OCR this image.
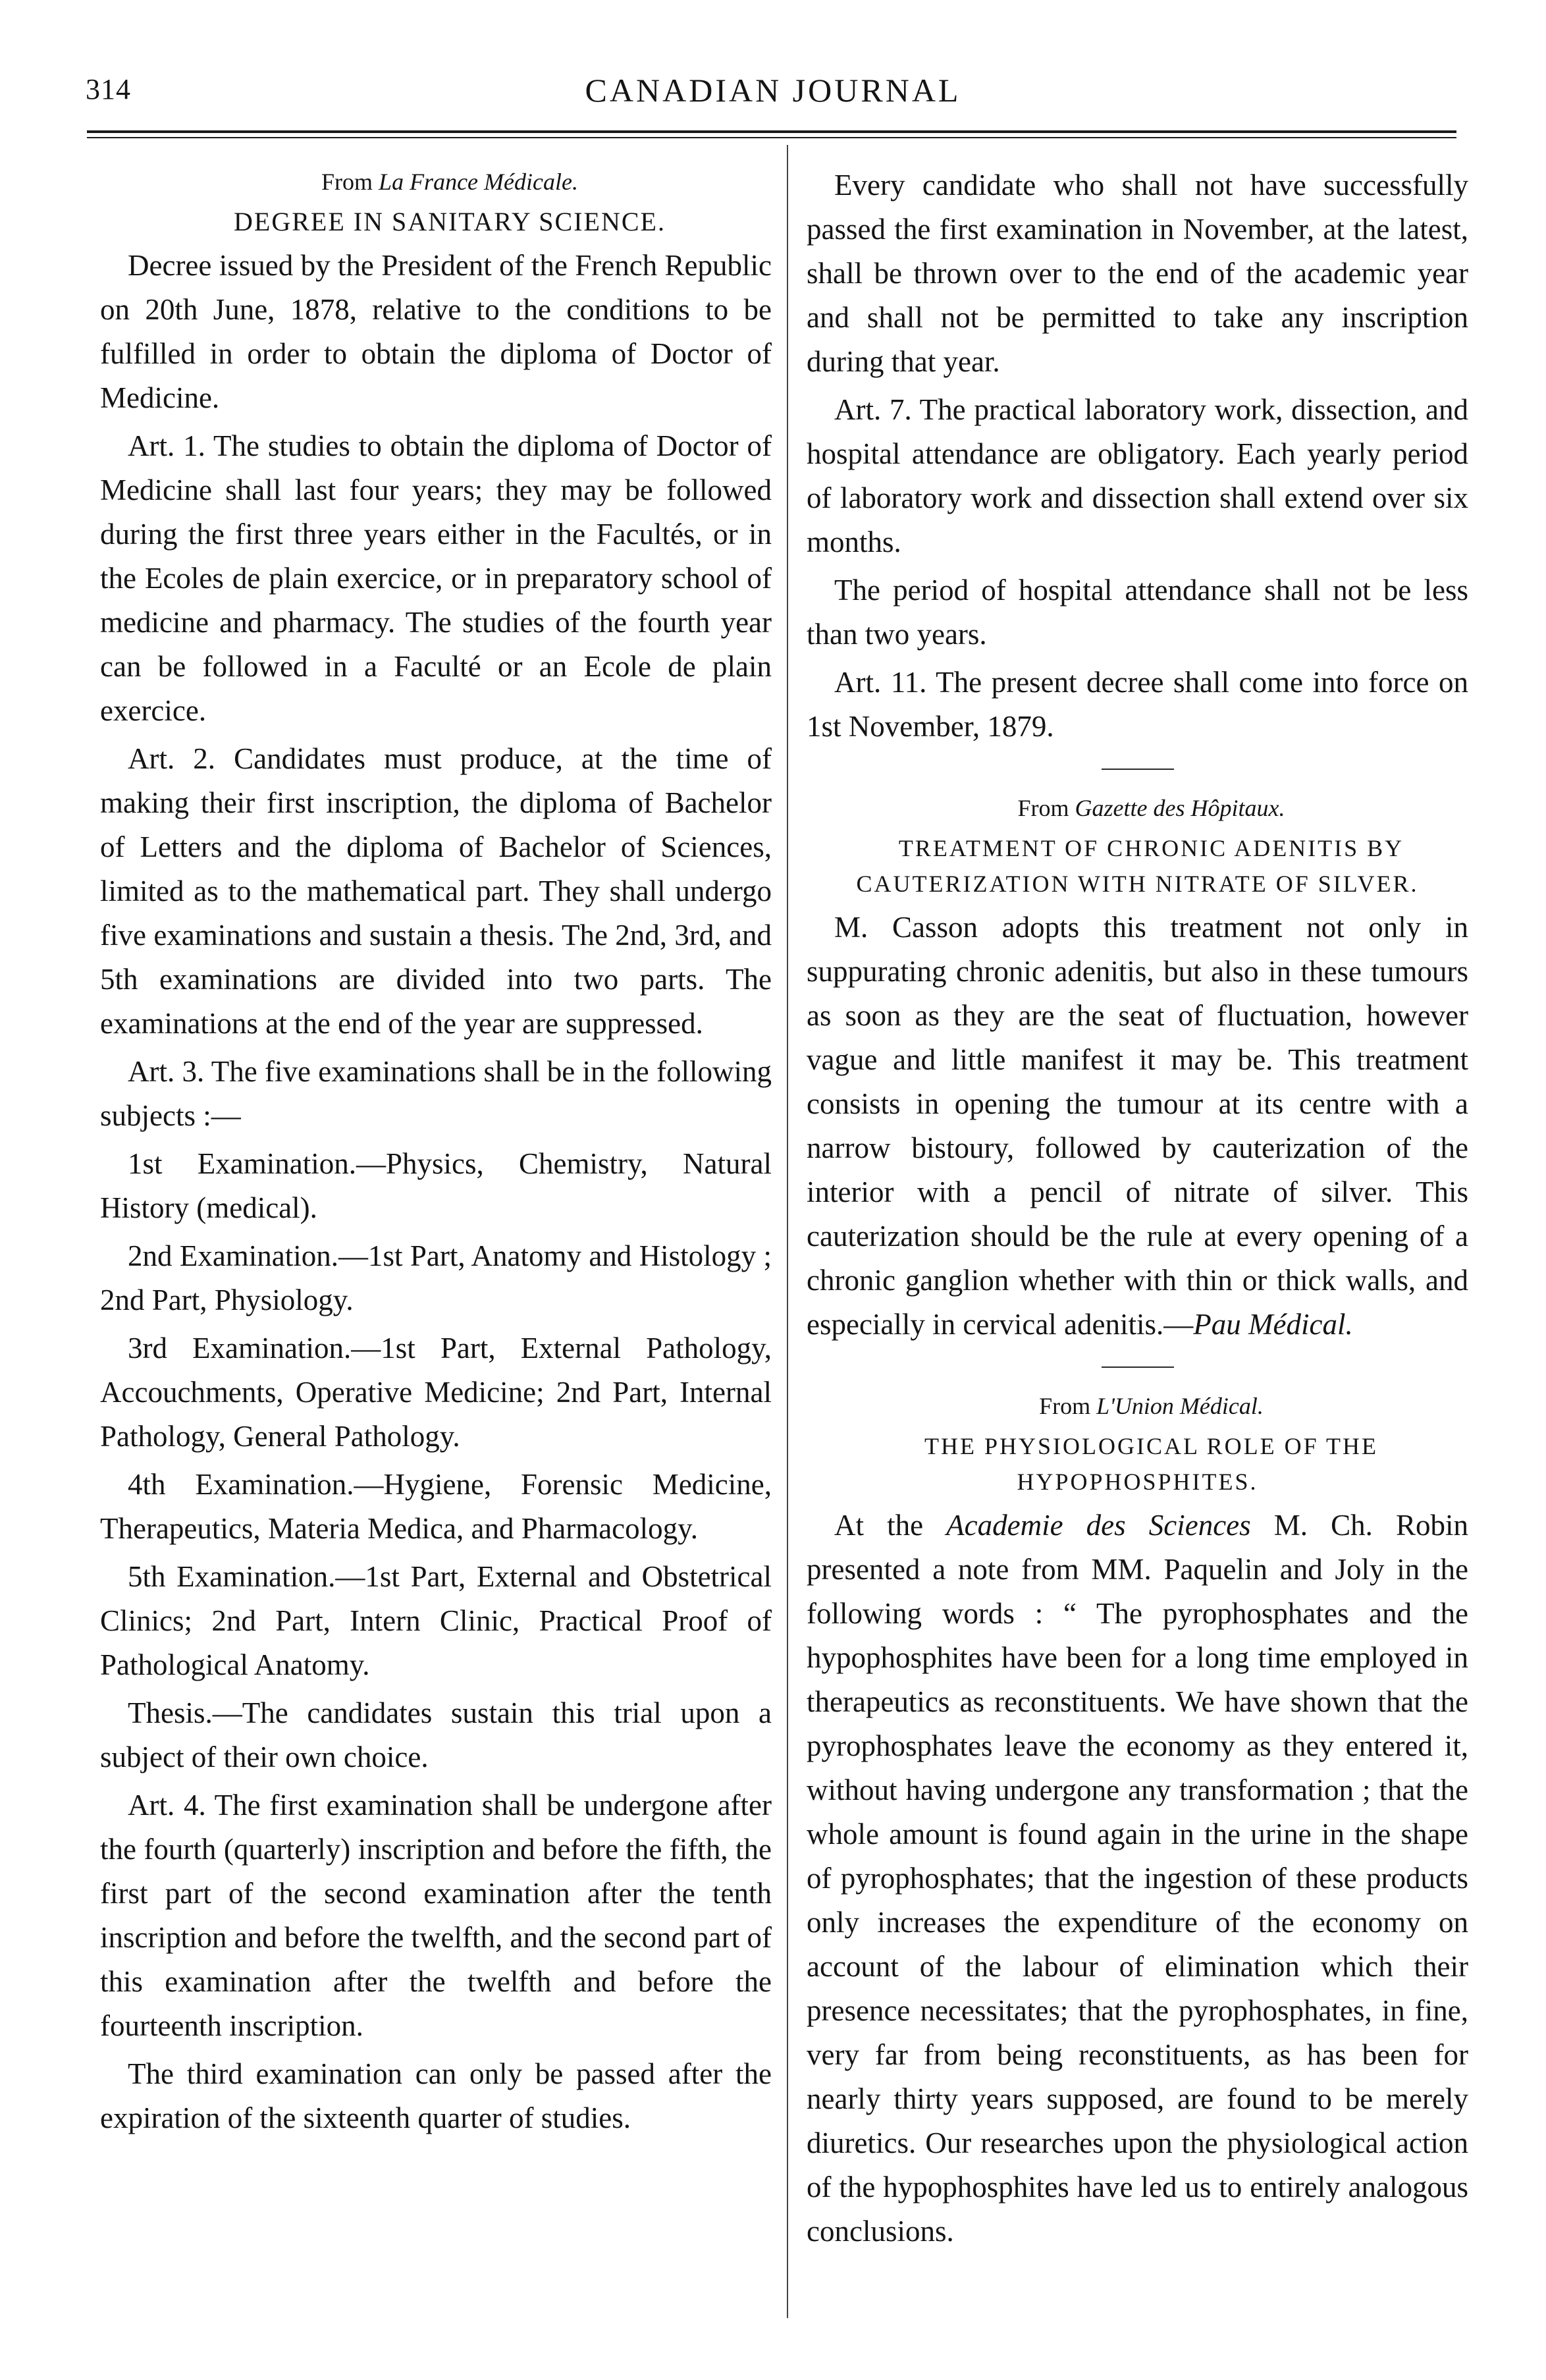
314	CANADIAN JOURNAL

From La France Médicale.

DEGREE IN SANITARY SCIENCE.

Decree issued by the President of the French Republic on 20th June, 1878, relative to the conditions to be fulfilled in order to obtain the diploma of Doctor of Medicine.

Art. 1. The studies to obtain the diploma of Doctor of Medicine shall last four years; they may be followed during the first three years either in the Facultés, or in the Ecoles de plain exercice, or in preparatory school of medicine and pharmacy. The studies of the fourth year can be followed in a Faculté or an Ecole de plain exercice.

Art. 2. Candidates must produce, at the time of making their first inscription, the diploma of Bachelor of Letters and the diploma of Bachelor of Sciences, limited as to the mathematical part. They shall undergo five examinations and sustain a thesis. The 2nd, 3rd, and 5th examinations are divided into two parts. The examinations at the end of the year are suppressed.

Art. 3. The five examinations shall be in the following subjects :—

1st Examination.—Physics, Chemistry, Natural History (medical).

2nd Examination.—1st Part, Anatomy and Histology ; 2nd Part, Physiology.

3rd Examination.—1st Part, External Pathology, Accouchments, Operative Medicine; 2nd Part, Internal Pathology, General Pathology.

4th Examination.—Hygiene, Forensic Medicine, Therapeutics, Materia Medica, and Pharmacology.

5th Examination.—1st Part, External and Obstetrical Clinics; 2nd Part, Intern Clinic, Practical Proof of Pathological Anatomy.

Thesis.—The candidates sustain this trial upon a subject of their own choice.

Art. 4. The first examination shall be undergone after the fourth (quarterly) inscription and before the fifth, the first part of the second examination after the tenth inscription and before the twelfth, and the second part of this examination after the twelfth and before the fourteenth inscription.

The third examination can only be passed after the expiration of the sixteenth quarter of studies.

Every candidate who shall not have successfully passed the first examination in November, at the latest, shall be thrown over to the end of the academic year and shall not be permitted to take any inscription during that year.

Art. 7. The practical laboratory work, dissection, and hospital attendance are obligatory. Each yearly period of laboratory work and dissection shall extend over six months.

The period of hospital attendance shall not be less than two years.

Art. 11. The present decree shall come into force on 1st November, 1879.

From Gazette des Hôpitaux.

TREATMENT OF CHRONIC ADENITIS BY CAUTERIZATION WITH NITRATE OF SILVER.

M. Casson adopts this treatment not only in suppurating chronic adenitis, but also in these tumours as soon as they are the seat of fluctuation, however vague and little manifest it may be. This treatment consists in opening the tumour at its centre with a narrow bistoury, followed by cauterization of the interior with a pencil of nitrate of silver. This cauterization should be the rule at every opening of a chronic ganglion whether with thin or thick walls, and especially in cervical adenitis.—Pau Médical.

From L'Union Médical.

THE PHYSIOLOGICAL ROLE OF THE HYPOPHOSPHITES.

At the Academie des Sciences M. Ch. Robin presented a note from MM. Paquelin and Joly in the following words : “ The pyrophosphates and the hypophosphites have been for a long time employed in therapeutics as reconstituents. We have shown that the pyrophosphates leave the economy as they entered it, without having undergone any transformation ; that the whole amount is found again in the urine in the shape of pyrophosphates; that the ingestion of these products only increases the expenditure of the economy on account of the labour of elimination which their presence necessitates; that the pyrophosphates, in fine, very far from being reconstituents, as has been for nearly thirty years supposed, are found to be merely diuretics. Our researches upon the physiological action of the hypophosphites have led us to entirely analogous conclusions.
